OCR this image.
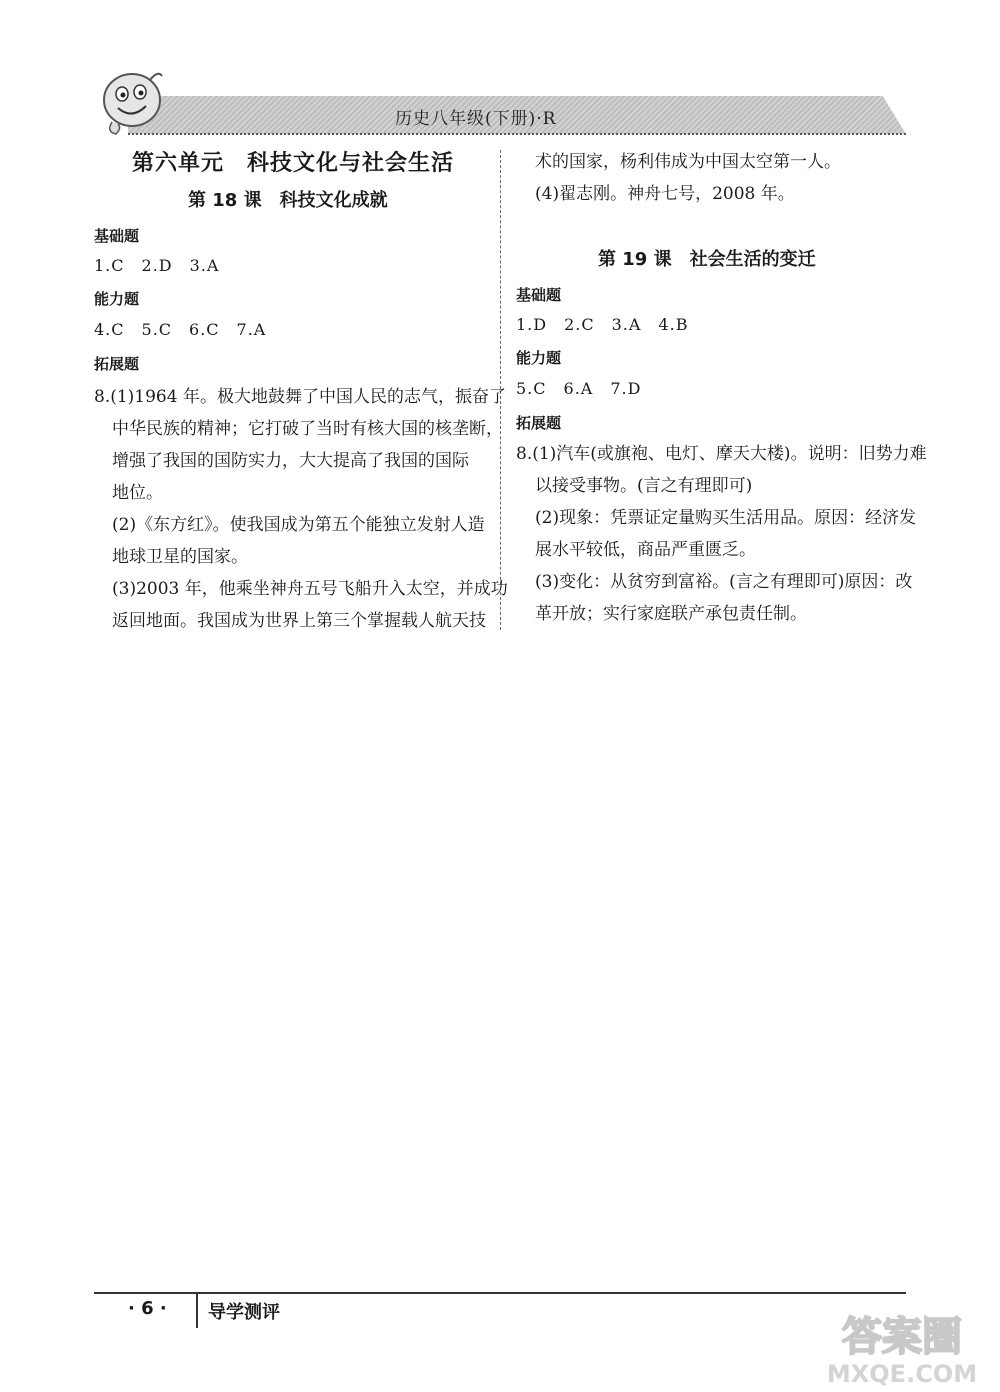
历史八年级(下册)·R
第六单元　科技文化与社会生活
第 18 课　科技文化成就
基础题
1.C　2.D　3.A
能力题
4.C　5.C　6.C　7.A
拓展题
8.(1)1964 年。极大地鼓舞了中国人民的志气，振奋了
中华民族的精神；它打破了当时有核大国的核垄断，
增强了我国的国防实力，大大提高了我国的国际
地位。
(2)《东方红》。使我国成为第五个能独立发射人造
地球卫星的国家。
(3)2003 年，他乘坐神舟五号飞船升入太空，并成功
返回地面。我国成为世界上第三个掌握载人航天技
术的国家，杨利伟成为中国太空第一人。
(4)翟志刚。神舟七号，2008 年。
第 19 课　社会生活的变迁
基础题
1.D　2.C　3.A　4.B
能力题
5.C　6.A　7.D
拓展题
8.(1)汽车(或旗袍、电灯、摩天大楼)。说明：旧势力难
以接受事物。(言之有理即可)
(2)现象：凭票证定量购买生活用品。原因：经济发
展水平较低，商品严重匮乏。
(3)变化：从贫穷到富裕。(言之有理即可)原因：改
革开放；实行家庭联产承包责任制。
· 6 · 导学测评
答案圈
MXQE.COM
